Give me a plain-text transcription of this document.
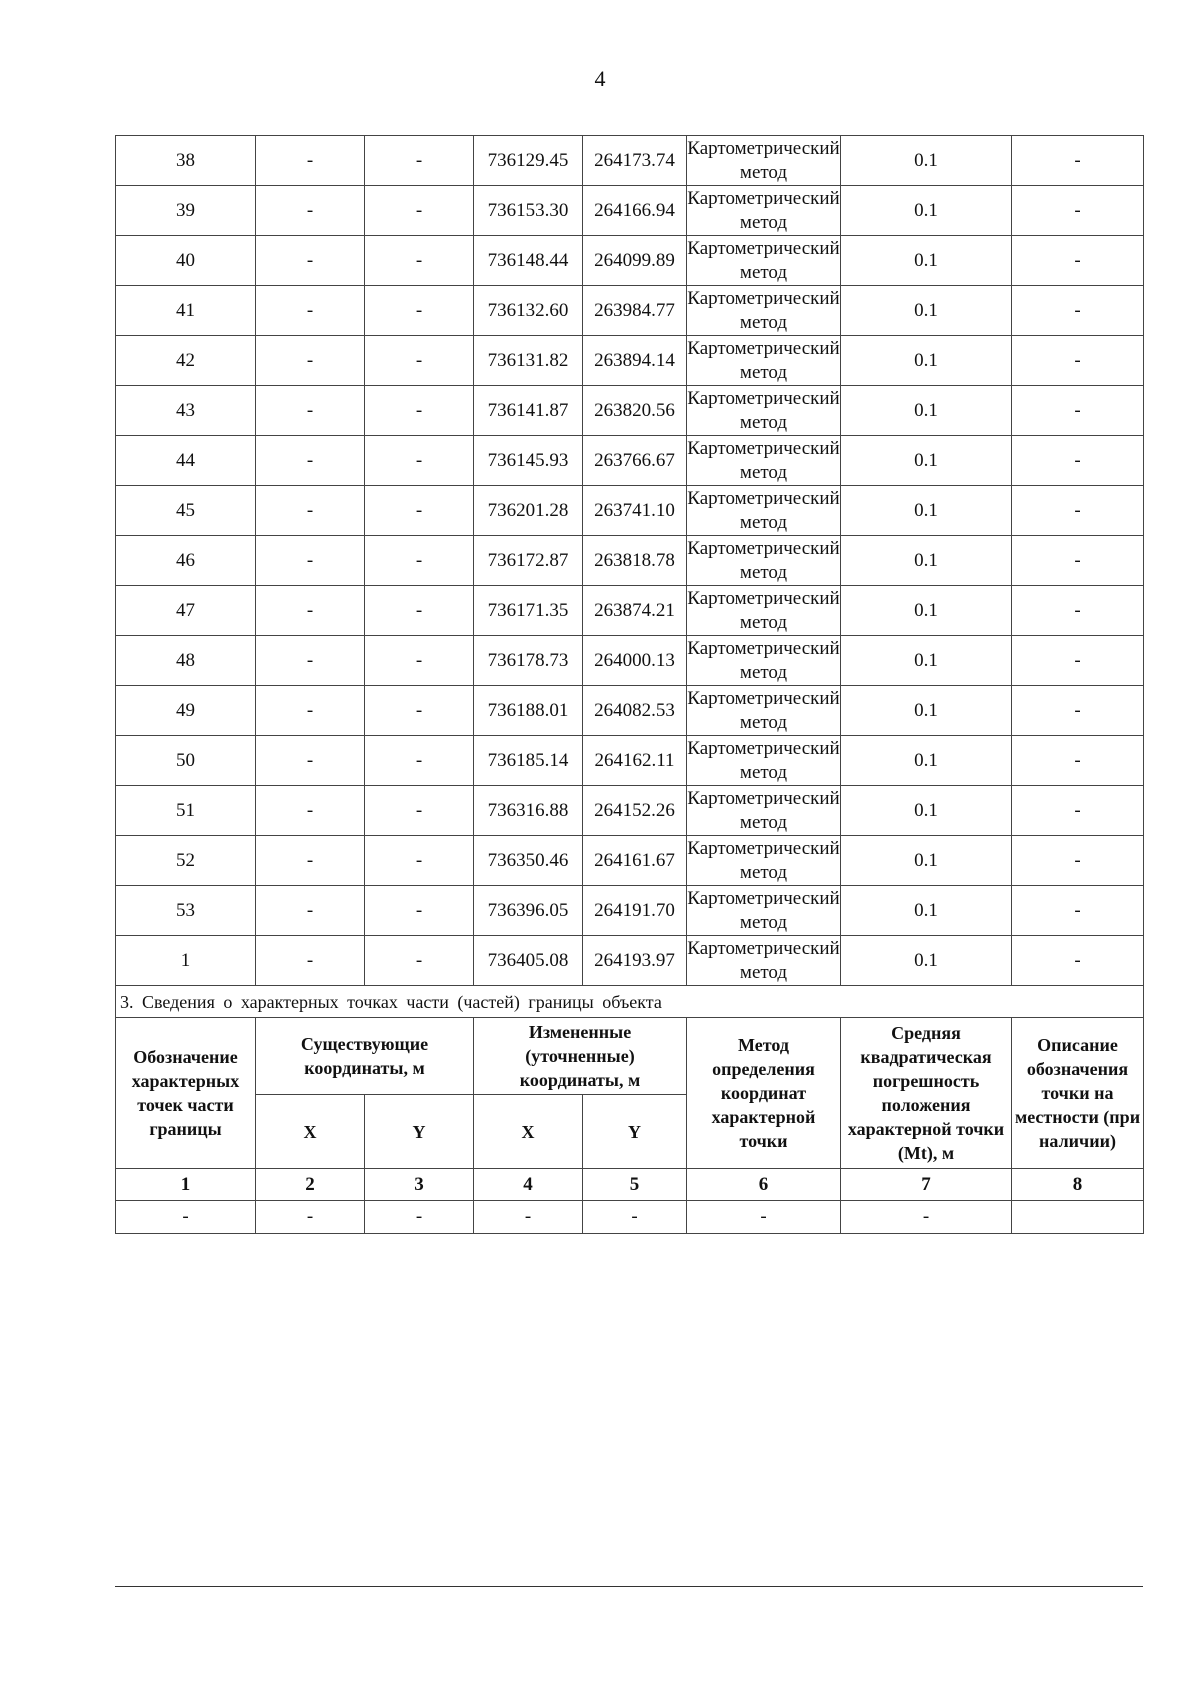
4
38	-	-	736129.45	264173.74	Картометрический метод	0.1	-
39	-	-	736153.30	264166.94	Картометрический метод	0.1	-
40	-	-	736148.44	264099.89	Картометрический метод	0.1	-
41	-	-	736132.60	263984.77	Картометрический метод	0.1	-
42	-	-	736131.82	263894.14	Картометрический метод	0.1	-
43	-	-	736141.87	263820.56	Картометрический метод	0.1	-
44	-	-	736145.93	263766.67	Картометрический метод	0.1	-
45	-	-	736201.28	263741.10	Картометрический метод	0.1	-
46	-	-	736172.87	263818.78	Картометрический метод	0.1	-
47	-	-	736171.35	263874.21	Картометрический метод	0.1	-
48	-	-	736178.73	264000.13	Картометрический метод	0.1	-
49	-	-	736188.01	264082.53	Картометрический метод	0.1	-
50	-	-	736185.14	264162.11	Картометрический метод	0.1	-
51	-	-	736316.88	264152.26	Картометрический метод	0.1	-
52	-	-	736350.46	264161.67	Картометрический метод	0.1	-
53	-	-	736396.05	264191.70	Картометрический метод	0.1	-
1	-	-	736405.08	264193.97	Картометрический метод	0.1	-
3. Сведения о характерных точках части (частей) границы объекта							
Обозначение характерных точек части границы	Существующие координаты, м		Измененные (уточненные) координаты, м		Метод определения координат характерной точки	Средняя квадратическая погрешность положения характерной точки (Mt), м	Описание обозначения точки на местности (при наличии)
	X	Y	X	Y			
1	2	3	4	5	6	7	8
-	-	-	-	-	-	-	
